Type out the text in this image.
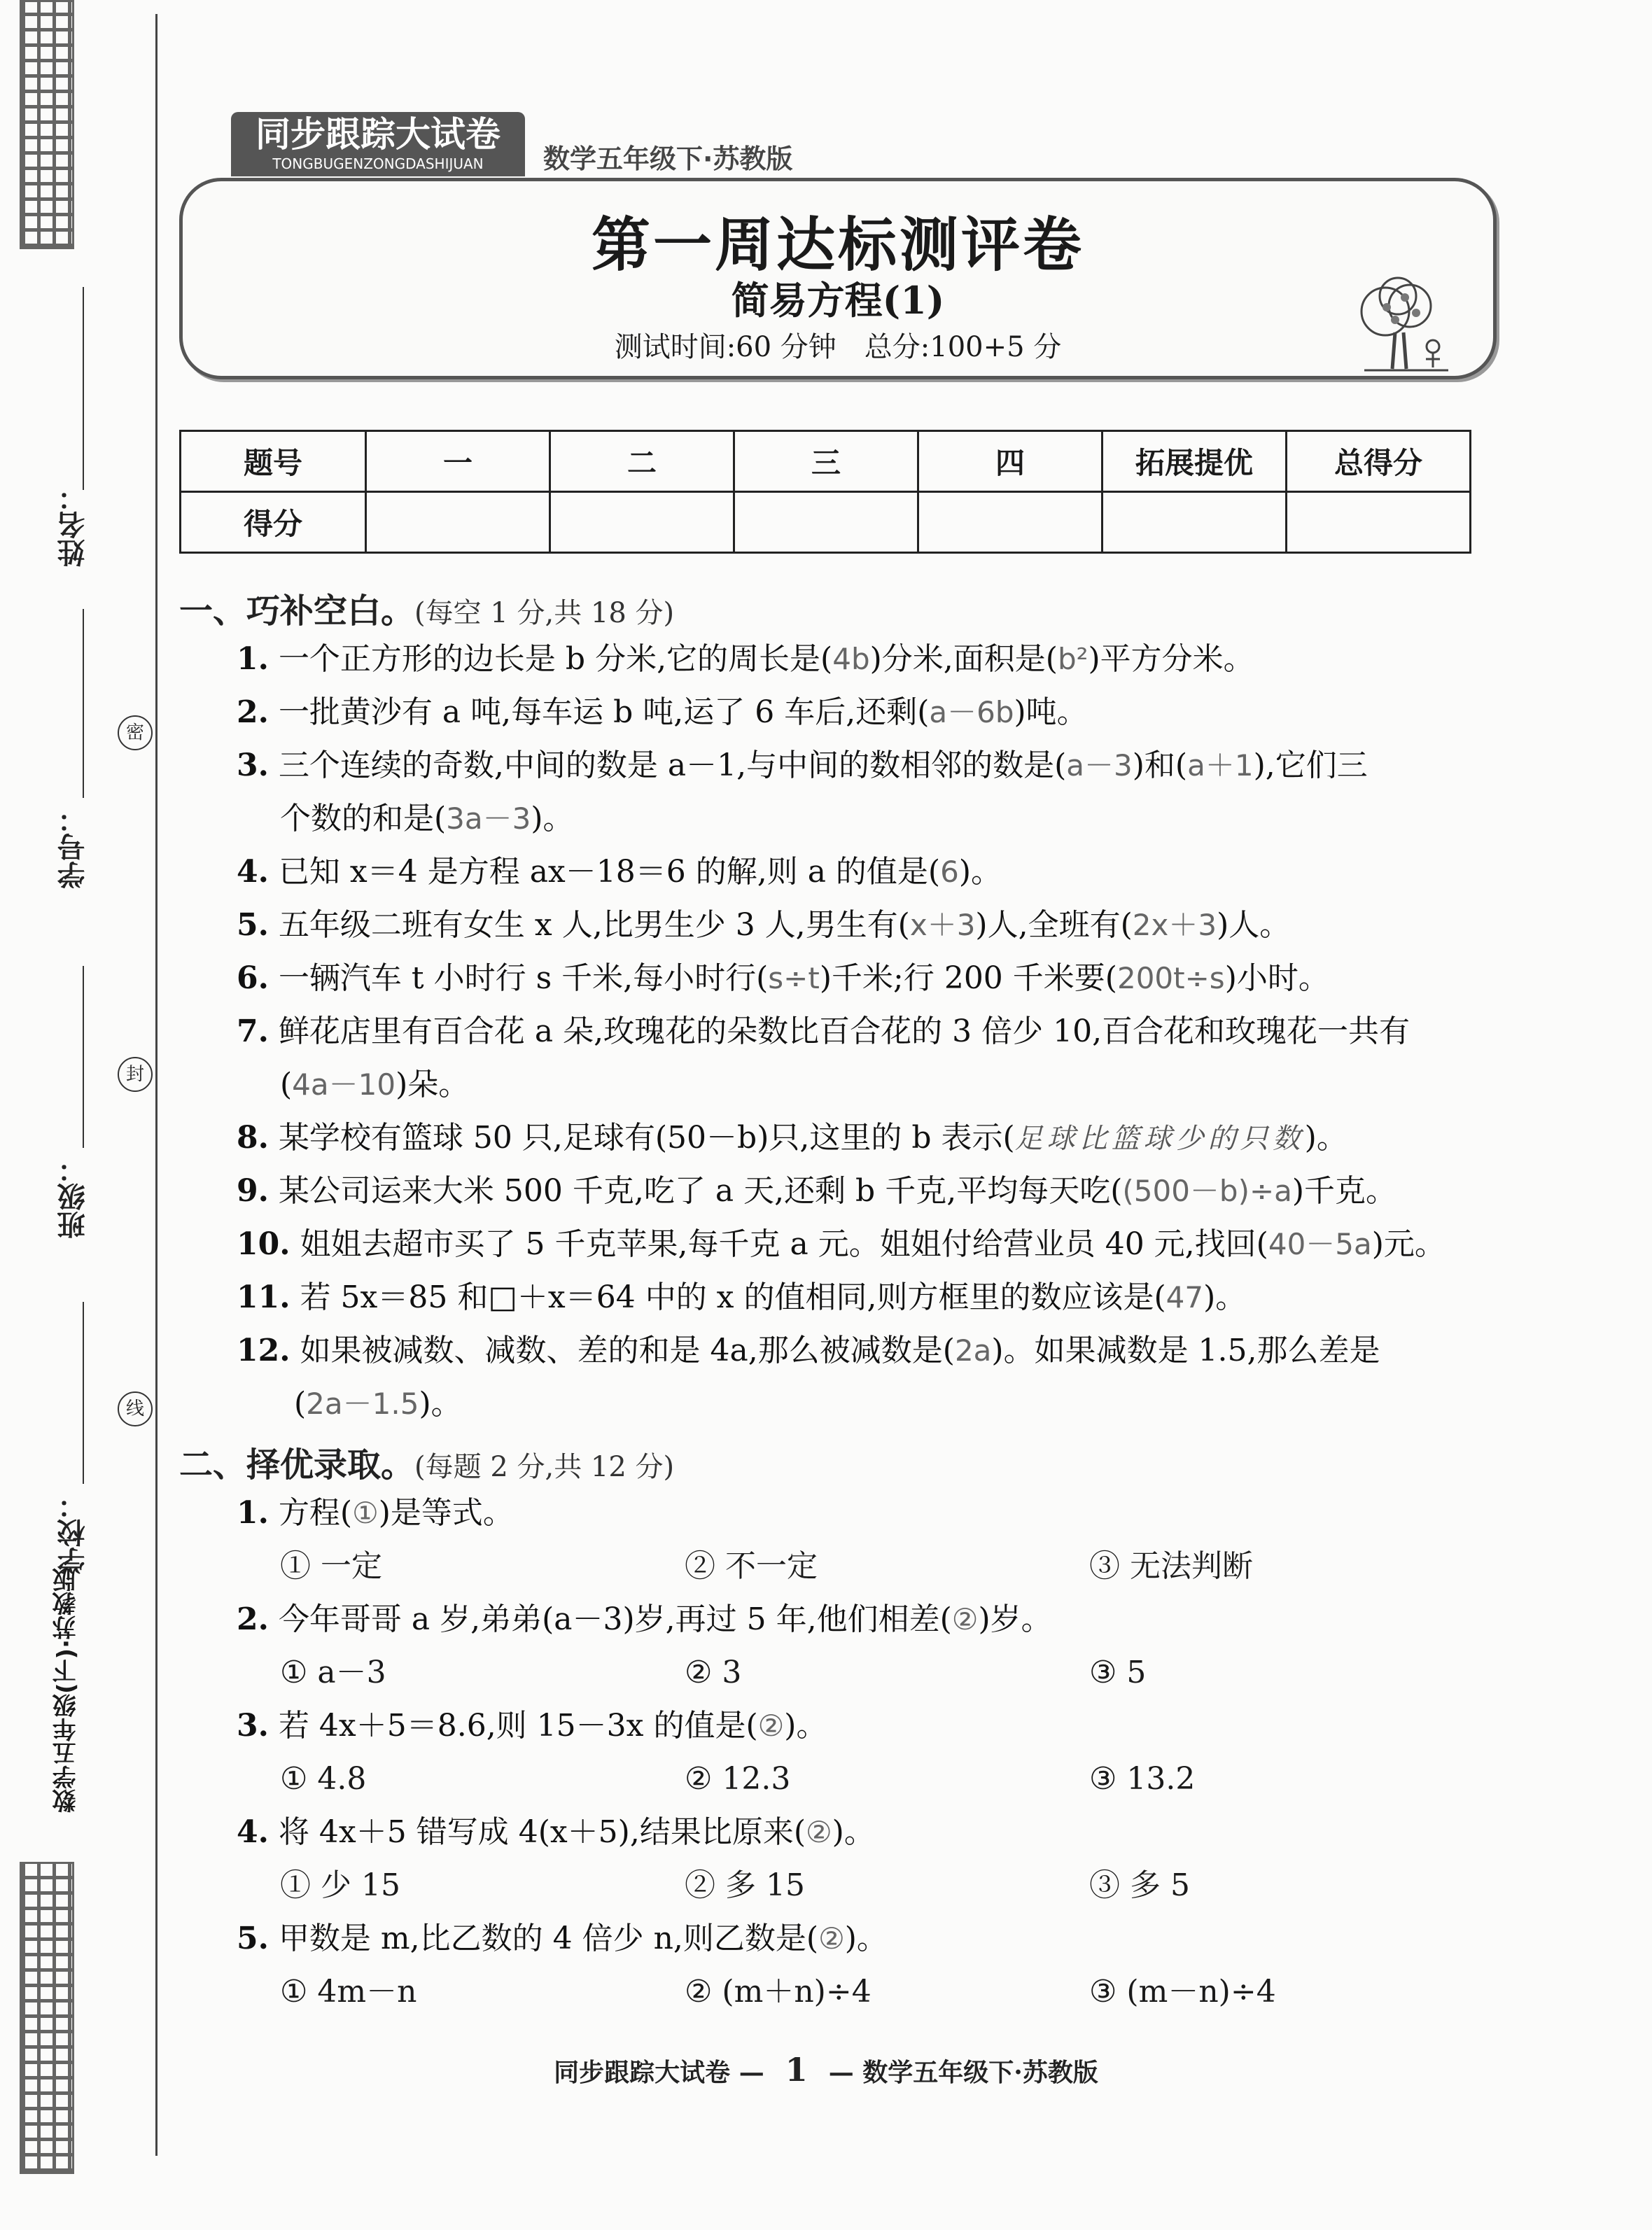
姓名：
密
学号：
封
班级：
线
学校：
数学五年级(下)·苏教版
同步跟踪大试卷
TONGBUGENZONGDASHIJUAN	数学五年级下·苏教版
第一周达标测评卷
简易方程(1)
测试时间:60 分钟　总分:100+5 分
题号	一	二	三	四	拓展提优	总得分
得分						
一、巧补空白。(每空 1 分,共 18 分)
1. 一个正方形的边长是 b 分米,它的周长是(4b)分米,面积是(b²)平方分米。
2. 一批黄沙有 a 吨,每车运 b 吨,运了 6 车后,还剩(a－6b)吨。
3. 三个连续的奇数,中间的数是 a－1,与中间的数相邻的数是(a－3)和(a＋1),它们三
个数的和是(3a－3)。
4. 已知 x＝4 是方程 ax－18＝6 的解,则 a 的值是(6)。
5. 五年级二班有女生 x 人,比男生少 3 人,男生有(x＋3)人,全班有(2x＋3)人。
6. 一辆汽车 t 小时行 s 千米,每小时行(s÷t)千米;行 200 千米要(200t÷s)小时。
7. 鲜花店里有百合花 a 朵,玫瑰花的朵数比百合花的 3 倍少 10,百合花和玫瑰花一共有
(4a－10)朵。
8. 某学校有篮球 50 只,足球有(50－b)只,这里的 b 表示(足球比篮球少的只数)。
9. 某公司运来大米 500 千克,吃了 a 天,还剩 b 千克,平均每天吃((500－b)÷a)千克。
10. 姐姐去超市买了 5 千克苹果,每千克 a 元。姐姐付给营业员 40 元,找回(40－5a)元。
11. 若 5x＝85 和□＋x＝64 中的 x 的值相同,则方框里的数应该是(47)。
12. 如果被减数、减数、差的和是 4a,那么被减数是(2a)。如果减数是 1.5,那么差是
(2a－1.5)。
二、择优录取。(每题 2 分,共 12 分)
1. 方程(①)是等式。
① 一定	② 不一定	③ 无法判断
2. 今年哥哥 a 岁,弟弟(a－3)岁,再过 5 年,他们相差(②)岁。
① a－3	② 3	③ 5
3. 若 4x＋5＝8.6,则 15－3x 的值是(②)。
① 4.8	② 12.3	③ 13.2
4. 将 4x＋5 错写成 4(x＋5),结果比原来(②)。
① 少 15	② 多 15	③ 多 5
5. 甲数是 m,比乙数的 4 倍少 n,则乙数是(②)。
① 4m－n	② (m＋n)÷4	③ (m－n)÷4
同步跟踪大试卷 — 1 — 数学五年级下·苏教版
